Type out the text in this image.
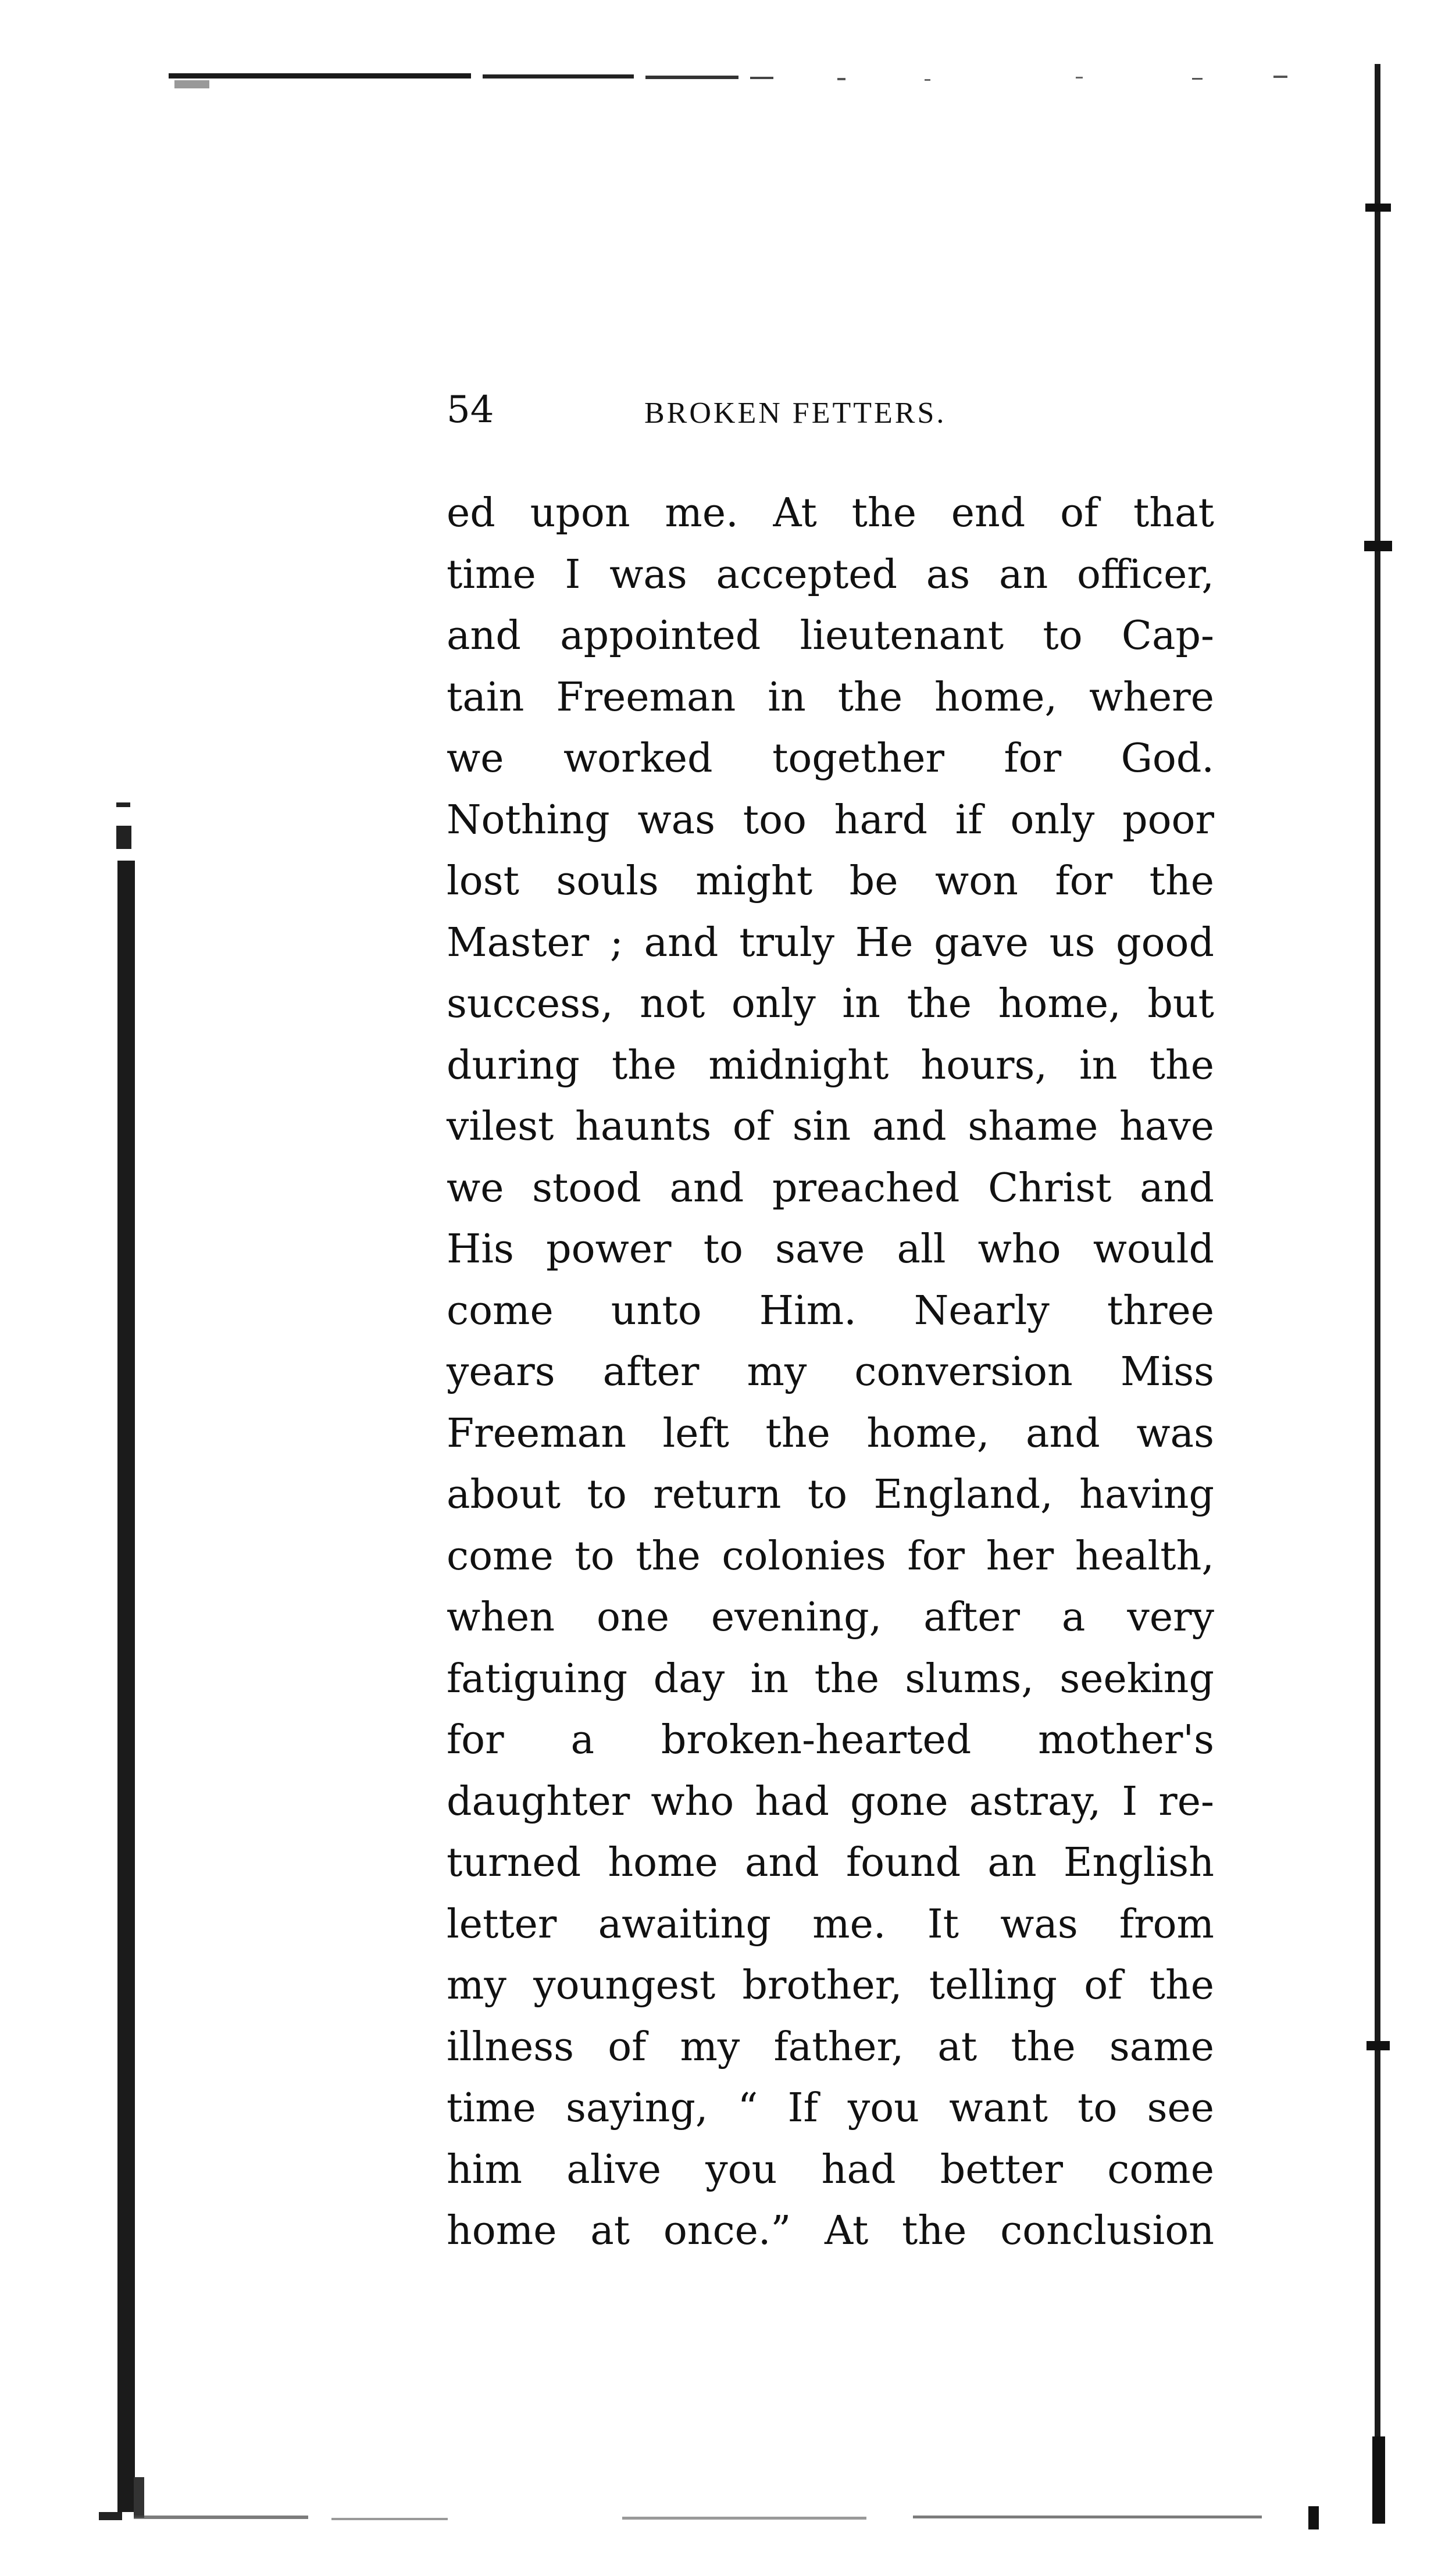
54	BROKEN FETTERS.
ed upon me. At the end of that
time I was accepted as an officer,
and appointed lieutenant to Cap-
tain Freeman in the home, where
we worked together for God.
Nothing was too hard if only poor
lost souls might be won for the
Master ; and truly He gave us good
success, not only in the home, but
during the midnight hours, in the
vilest haunts of sin and shame have
we stood and preached Christ and
His power to save all who would
come unto Him. Nearly three
years after my conversion Miss
Freeman left the home, and was
about to return to England, having
come to the colonies for her health,
when one evening, after a very
fatiguing day in the slums, seeking
for a broken-hearted mother's
daughter who had gone astray, I re-
turned home and found an English
letter awaiting me. It was from
my youngest brother, telling of the
illness of my father, at the same
time saying, “ If you want to see
him alive you had better come
home at once.” At the conclusion
